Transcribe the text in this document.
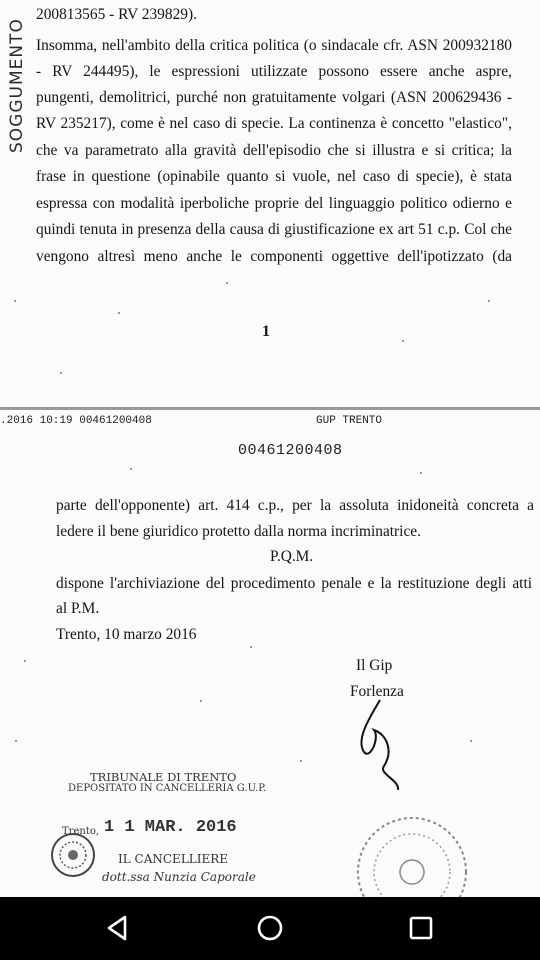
SOGGUMENTO
200813565 - RV 239829).
Insomma, nell'ambito della critica politica (o sindacale cfr. ASN 200932180
- RV 244495), le espressioni utilizzate possono essere anche aspre,
pungenti, demolitrici, purché non gratuitamente volgari (ASN 200629436 -
RV 235217), come è nel caso di specie. La continenza è concetto "elastico",
che va parametrato alla gravità dell'episodio che si illustra e si critica; la
frase in questione (opinabile quanto si vuole, nel caso di specie), è stata
espressa con modalità iperboliche proprie del linguaggio politico odierno e
quindi tenuta in presenza della causa di giustificazione ex art 51 c.p. Col che
vengono altresì meno anche le componenti oggettive dell'ipotizzato (da
1
.2016 10:19 00461200408	GUP TRENTO
00461200408
parte dell'opponente) art. 414 c.p., per la assoluta inidoneità concreta a
ledere il bene giuridico protetto dalla norma incriminatrice.
P.Q.M.
dispone l'archiviazione del procedimento penale e la restituzione degli atti
al P.M.
Trento, 10 marzo 2016
Il Gip
Forlenza
TRIBUNALE DI TRENTO
DEPOSITATO IN CANCELLERIA G.U.P.
Trento, 1 1 MAR. 2016
IL CANCELLIERE
dott.ssa Nunzia Caporale
